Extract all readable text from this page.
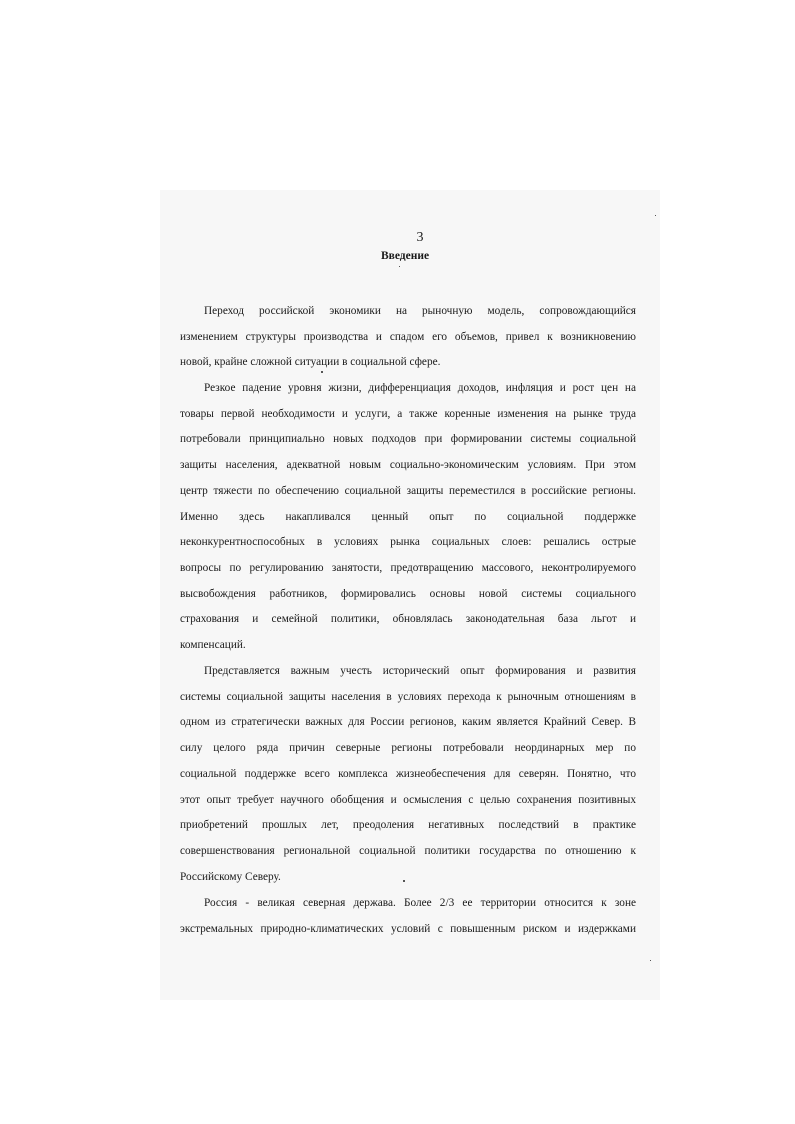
3
Введение
Переход российской экономики на рыночную модель, сопровождающийся
изменением структуры производства и спадом его объемов, привел к возникновению
новой, крайне сложной ситуации в социальной сфере.
Резкое падение уровня жизни, дифференциация доходов, инфляция и рост цен на
товары первой необходимости и услуги, а также коренные изменения на рынке труда
потребовали принципиально новых подходов при формировании системы социальной
защиты населения, адекватной новым социально-экономическим условиям. При этом
центр тяжести по обеспечению социальной защиты переместился в российские регионы.
Именно здесь накапливался ценный опыт по социальной поддержке
неконкурентноспособных в условиях рынка социальных слоев: решались острые
вопросы по регулированию занятости, предотвращению массового, неконтролируемого
высвобождения работников, формировались основы новой системы социального
страхования и семейной политики, обновлялась законодательная база льгот и
компенсаций.
Представляется важным учесть исторический опыт формирования и развития
системы социальной защиты населения в условиях перехода к рыночным отношениям в
одном из стратегически важных для России регионов, каким является Крайний Север. В
силу целого ряда причин северные регионы потребовали неординарных мер по
социальной поддержке всего комплекса жизнеобеспечения для северян. Понятно, что
этот опыт требует научного обобщения и осмысления с целью сохранения позитивных
приобретений прошлых лет, преодоления негативных последствий в практике
совершенствования региональной социальной политики государства по отношению к
Российскому Северу.
Россия - великая северная держава. Более 2/3 ее территории относится к зоне
экстремальных природно-климатических условий с повышенным риском и издержками
